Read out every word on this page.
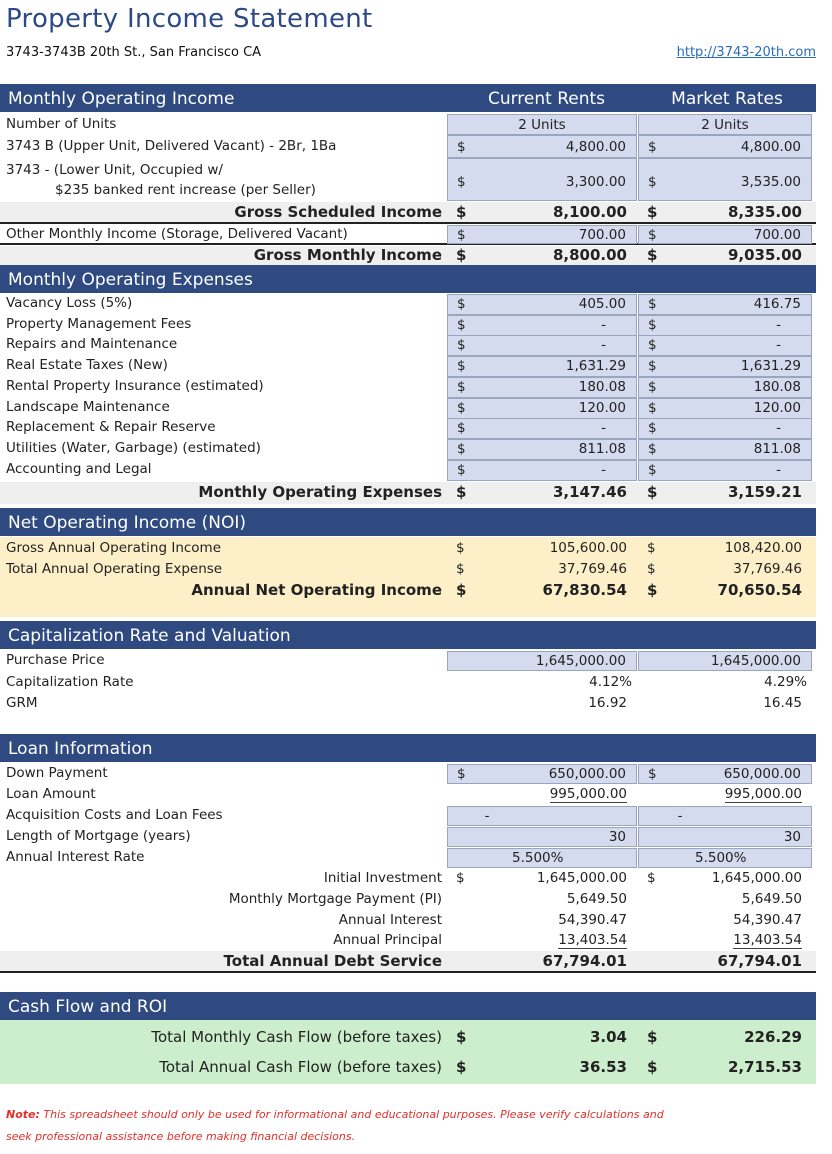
Property Income Statement
3743-3743B 20th St., San Francisco CA	http://3743-20th.com
Monthly Operating Income	Current Rents	Market Rates
Number of Units	2 Units	2 Units
3743 B (Upper Unit, Delivered Vacant) - 2Br, 1Ba	$	4,800.00 $	4,800.00
3743 - (Lower Unit, Occupied w/
$235 banked rent increase (per Seller)	$	3,300.00 $	3,535.00
Gross Scheduled Income $	8,100.00 $	8,335.00
Other Monthly Income (Storage, Delivered Vacant)	$	700.00 $	700.00
Gross Monthly Income $	8,800.00 $	9,035.00
Monthly Operating Expenses
Vacancy Loss (5%)	$	405.00 $	416.75
Property Management Fees	$	-	$	-
Repairs and Maintenance	$	-	$	-
Real Estate Taxes (New)	$	1,631.29 $	1,631.29
Rental Property Insurance (estimated)	$	180.08 $	180.08
Landscape Maintenance	$	120.00 $	120.00
Replacement & Repair Reserve	$	-	$	-
Utilities (Water, Garbage) (estimated)	$	811.08 $	811.08
Accounting and Legal	$	-	$	-
Monthly Operating Expenses $	3,147.46 $	3,159.21
Net Operating Income (NOI)
Gross Annual Operating Income	$	105,600.00 $	108,420.00
Total Annual Operating Expense	$	37,769.46 $	37,769.46
Annual Net Operating Income $	67,830.54 $	70,650.54
Capitalization Rate and Valuation
Purchase Price	1,645,000.00	1,645,000.00
Capitalization Rate	4.12%	4.29%
GRM	16.92	16.45
Loan Information
Down Payment	$	650,000.00 $	650,000.00
Loan Amount	995,000.00	995,000.00
Acquisition Costs and Loan Fees	-	-
Length of Mortgage (years)	30	30
Annual Interest Rate	5.500%	5.500%
Initial Investment $	1,645,000.00 $	1,645,000.00
Monthly Mortgage Payment (PI)	5,649.50	5,649.50
Annual Interest	54,390.47	54,390.47
Annual Principal	13,403.54	13,403.54
Total Annual Debt Service	67,794.01	67,794.01
Cash Flow and ROI
Total Monthly Cash Flow (before taxes) $	3.04 $	226.29
Total Annual Cash Flow (before taxes) $	36.53 $	2,715.53
Note: This spreadsheet should only be used for informational and educational purposes. Please verify calculations and seek professional assistance before making financial decisions.
